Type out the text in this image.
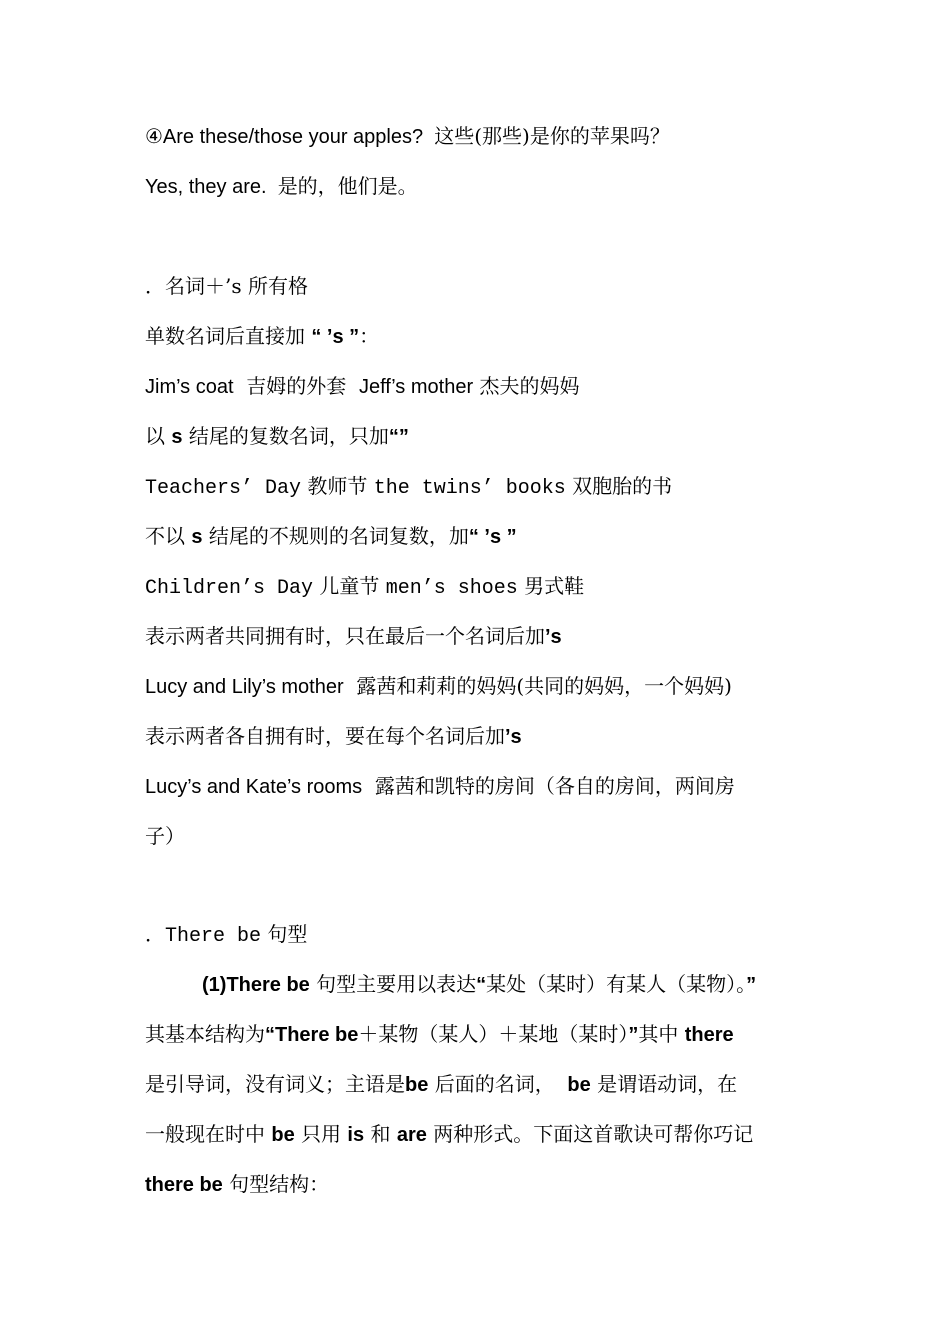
④Are these/those your apples? 这些(那些)是你的苹果吗？
Yes, they are. 是的，他们是。
．名词＋’s 所有格
单数名词后直接加 “ ’s ”：
Jim’s coat 吉姆的外套 Jeff’s mother 杰夫的妈妈
以 s 结尾的复数名词，只加“”
Teachers’ Day 教师节 the twins’ books 双胞胎的书
不以 s 结尾的不规则的名词复数，加“ ’s ”
Children’s Day 儿童节 men’s shoes 男式鞋
表示两者共同拥有时，只在最后一个名词后加’s
Lucy and Lily’s mother 露茜和莉莉的妈妈(共同的妈妈，一个妈妈)
表示两者各自拥有时，要在每个名词后加’s
Lucy’s and Kate’s rooms 露茜和凯特的房间（各自的房间，两间房
子）
．There be 句型
(1)There be 句型主要用以表达“某处（某时）有某人（某物）。”
其基本结构为“There be＋某物（某人）＋某地（某时）”其中 there
是引导词，没有词义；主语是be 后面的名词， be 是谓语动词，在
一般现在时中 be 只用 is 和 are 两种形式。下面这首歌诀可帮你巧记
there be 句型结构：
